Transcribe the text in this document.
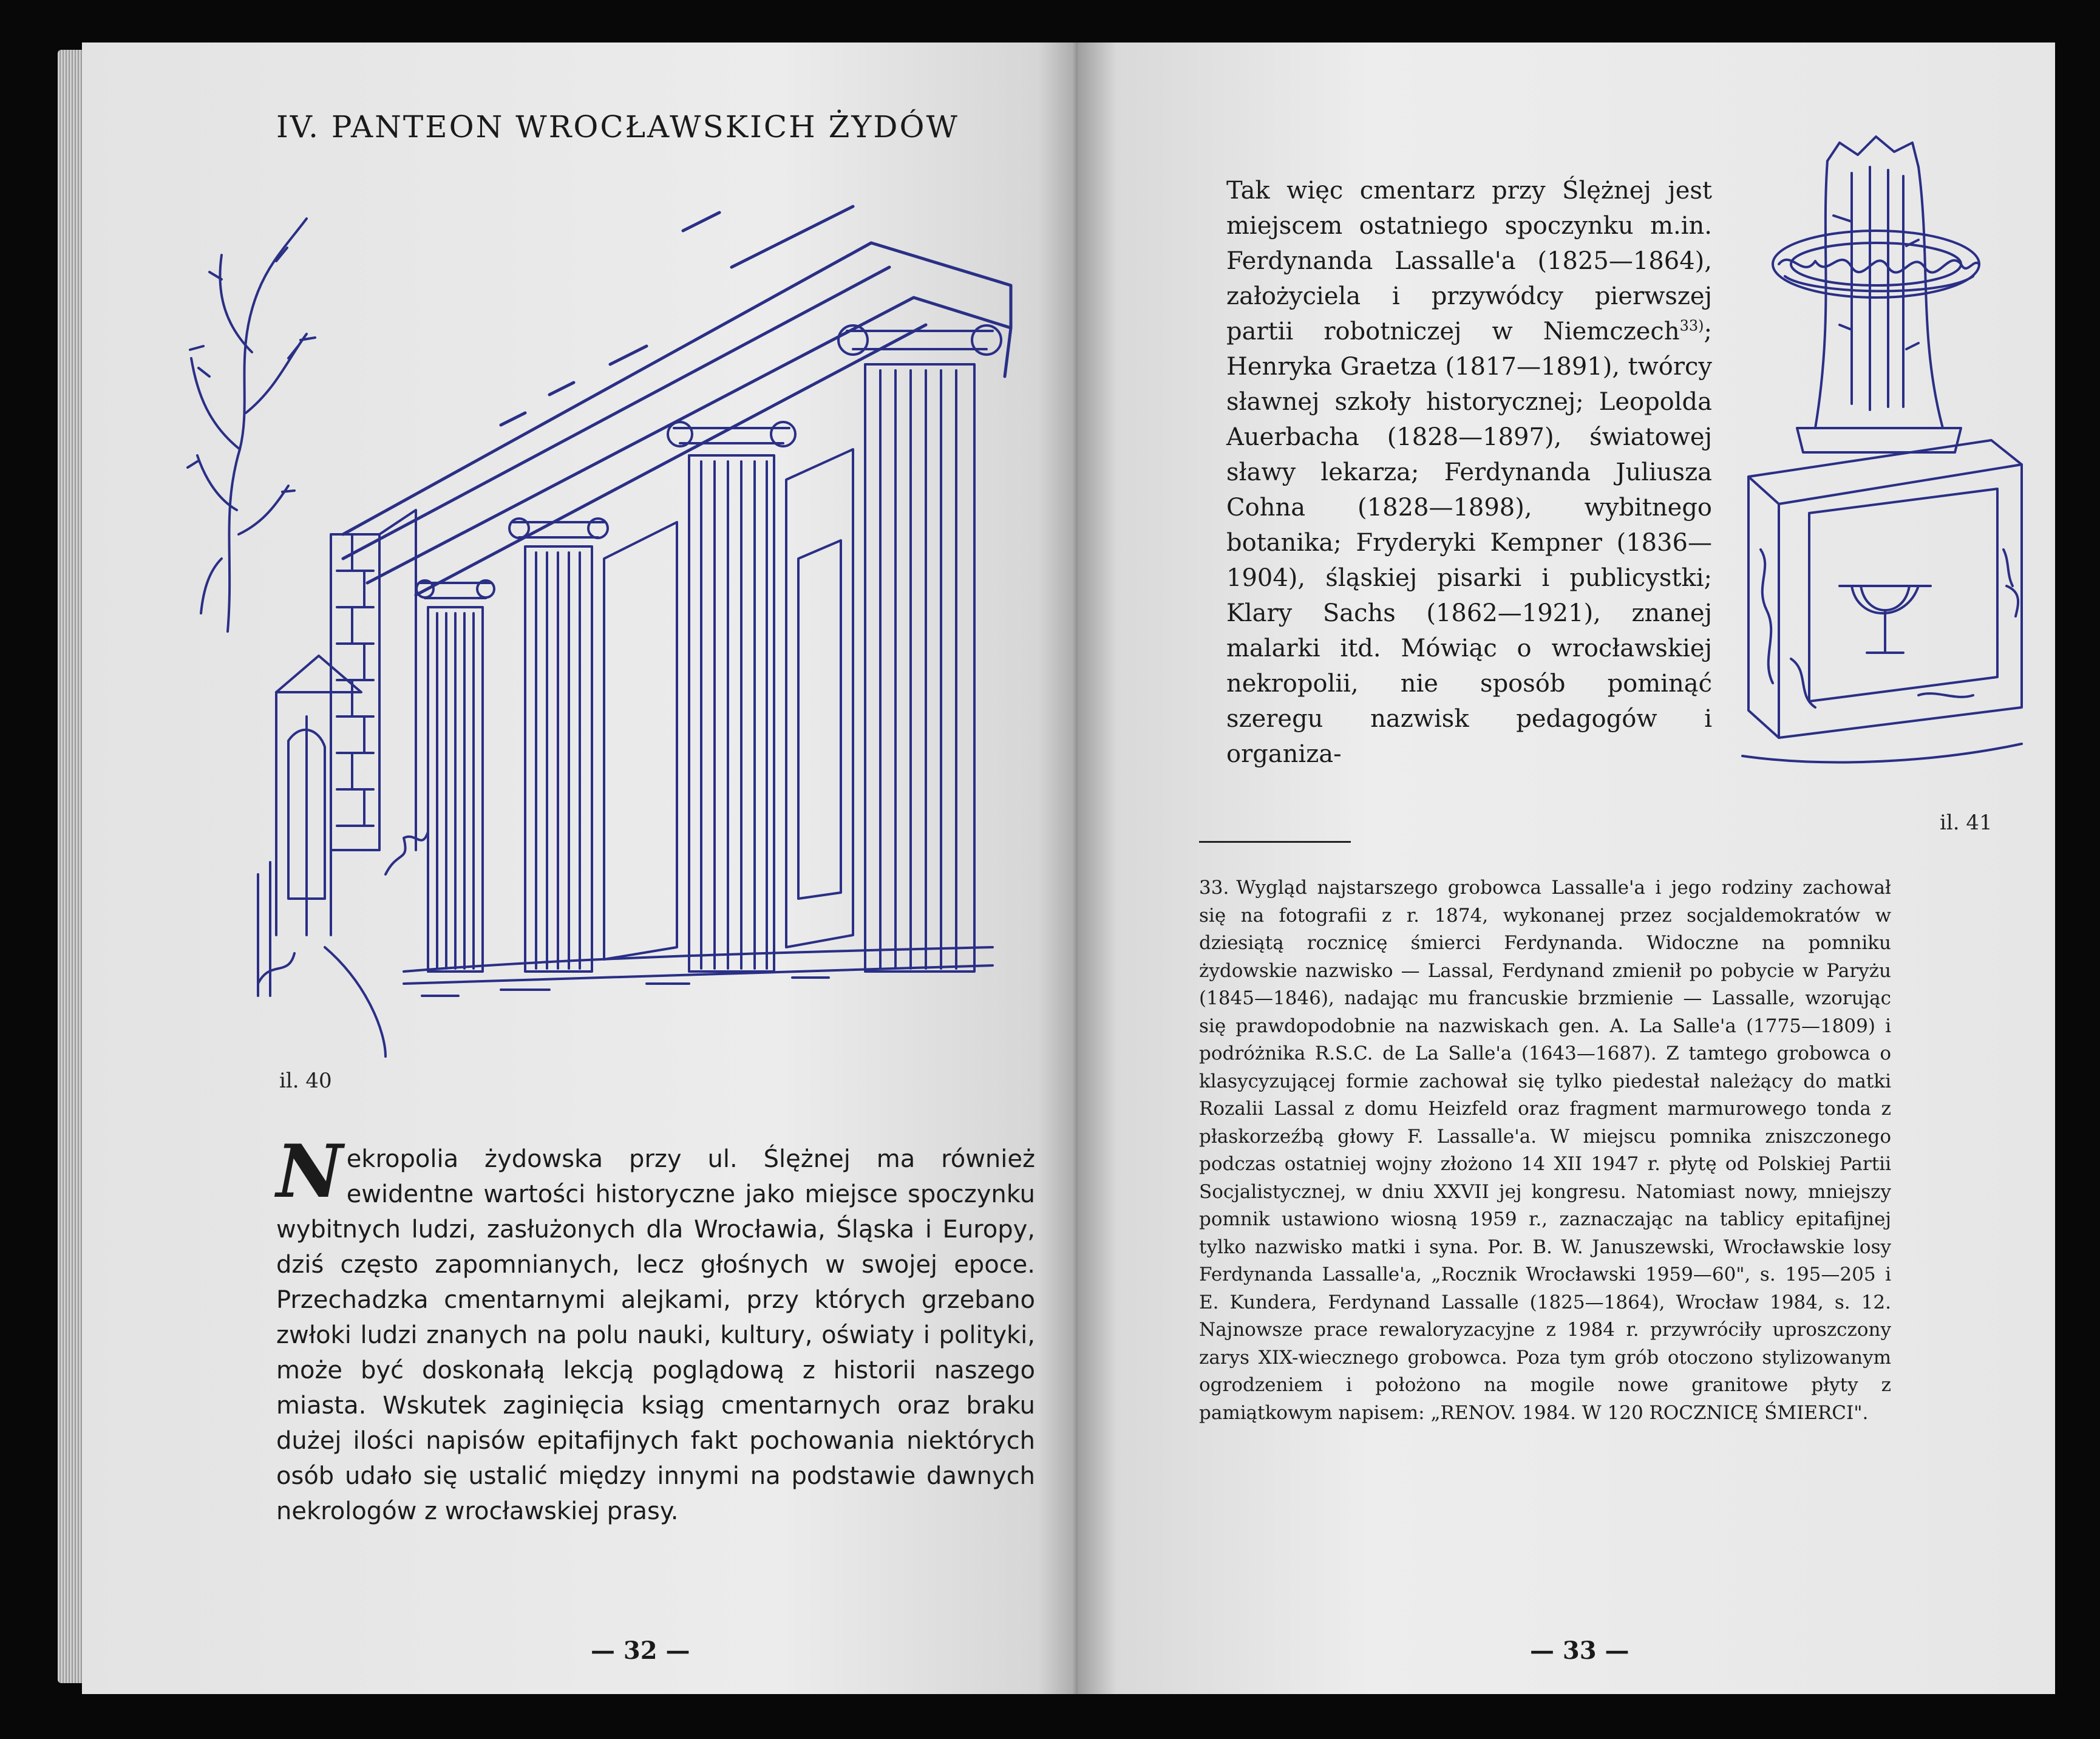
IV. PANTEON WROCŁAWSKICH ŻYDÓW
il. 40

Nekropolia żydowska przy ul. Ślężnej ma również ewidentne wartości historyczne jako miejsce spoczynku wybitnych ludzi, zasłużonych dla Wrocławia, Śląska i Europy, dziś często zapomnianych, lecz głośnych w swojej epoce. Przechadzka cmentarnymi alejkami, przy których grzebano zwłoki ludzi znanych na polu nauki, kultury, oświaty i polityki, może być doskonałą lekcją poglądową z historii naszego miasta. Wskutek zaginięcia ksiąg cmentarnych oraz braku dużej ilości napisów epitafijnych fakt pochowania niektórych osób udało się ustalić między innymi na podstawie dawnych nekrologów z wrocławskiej prasy.

— 32 —

Tak więc cmentarz przy Ślężnej jest miejscem ostatniego spoczynku m.in. Ferdynanda Lassalle'a (1825—1864), założyciela i przywódcy pierwszej partii robotniczej w Niemczech$^{33)}$; Henryka Graetza (1817—1891), twórcy sławnej szkoły historycznej; Leopolda Auerbacha (1828—1897), światowej sławy lekarza; Ferdynanda Juliusza Cohna (1828—1898), wybitnego botanika; Fryderyki Kempner (1836—1904), śląskiej pisarki i publicystki; Klary Sachs (1862—1921), znanej malarki itd. Mówiąc o wrocławskiej nekropolii, nie sposób pominąć szeregu nazwisk pedagogów i organiza-

il. 41

33. Wygląd najstarszego grobowca Lassalle'a i jego rodziny zachował się na fotografii z r. 1874, wykonanej przez socjaldemokratów w dziesiątą rocznicę śmierci Ferdynanda. Widoczne na pomniku żydowskie nazwisko — Lassal, Ferdynand zmienił po pobycie w Paryżu (1845—1846), nadając mu francuskie brzmienie — Lassalle, wzorując się prawdopodobnie na nazwiskach gen. A. La Salle'a (1775—1809) i podróżnika R.S.C. de La Salle'a (1643—1687). Z tamtego grobowca o klasycyzującej formie zachował się tylko piedestał należący do matki Rozalii Lassal z domu Heizfeld oraz fragment marmurowego tonda z płaskorzeźbą głowy F. Lassalle'a. W miejscu pomnika zniszczonego podczas ostatniej wojny złożono 14 XII 1947 r. płytę od Polskiej Partii Socjalistycznej, w dniu XXVII jej kongresu. Natomiast nowy, mniejszy pomnik ustawiono wiosną 1959 r., zaznaczając na tablicy epitafijnej tylko nazwisko matki i syna. Por. B. W. Januszewski, Wrocławskie losy Ferdynanda Lassalle'a, „Rocznik Wrocławski 1959—60", s. 195—205 i E. Kundera, Ferdynand Lassalle (1825—1864), Wrocław 1984, s. 12. Najnowsze prace rewaloryzacyjne z 1984 r. przywróciły uproszczony zarys XIX-wiecznego grobowca. Poza tym grób otoczono stylizowanym ogrodzeniem i położono na mogile nowe granitowe płyty z pamiątkowym napisem: „RENOV. 1984. W 120 ROCZNICĘ ŚMIERCI".

— 33 —
